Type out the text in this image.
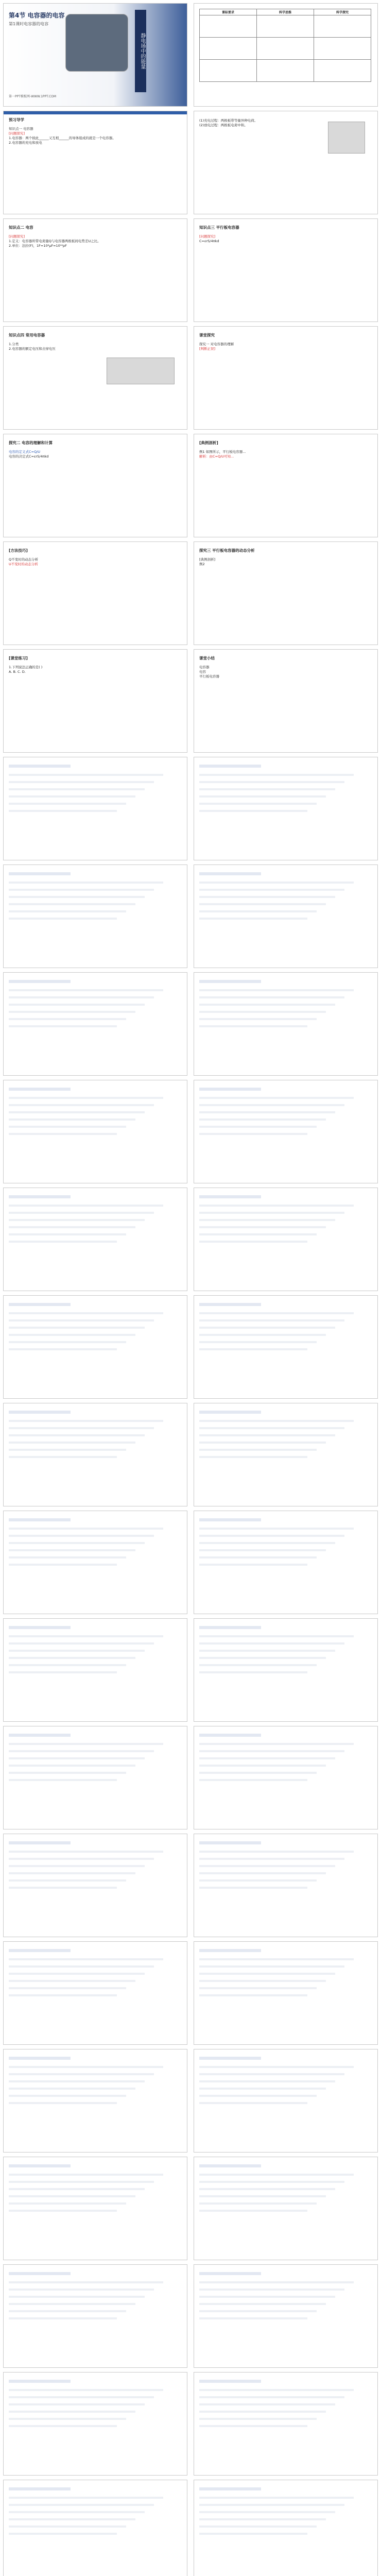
第4节 电容器的电容
第1课时电容器的电容
静电场中的能量
第一PPT模板网-WWW.1PPT.COM
课标要求	科学思维	科学探究

预习导学
知识点一 电容器
[问题探究]
1.电容器：两个彼此______又互相______的导体组成的就是一个电容器。
2.电容器的充电和放电
(1)充电过程：两极板带等量异种电荷。
(2)放电过程：两极板电荷中和。
知识点二 电容
[问题探究]
1.定义：电容器所带电荷量Q与电容器两极板间电势差U之比。
2.单位：法拉(F)，1F=10⁶μF=10¹²pF
知识点三 平行板电容器
[问题探究]
C=εrS/4πkd
知识点四 常用电容器
1.分类
2.电容器的额定电压和击穿电压
课堂探究
探究一 对电容器的理解
[判断正误]
探究二 电容的理解和计算
电容的定义式C=Q/U
电容的决定式C=εrS/4πkd
[典例剖析]
例1 如图所示，平行板电容器...
解析：由C=Q/U可知...
[方法技巧]
Q不变时的动态分析
U不变时的动态分析
探究三 平行板电容器的动态分析
[典例剖析]
例2
[课堂练习]
1.下列说法正确的是( )
A. B. C. D.
课堂小结
电容器
电容
平行板电容器
